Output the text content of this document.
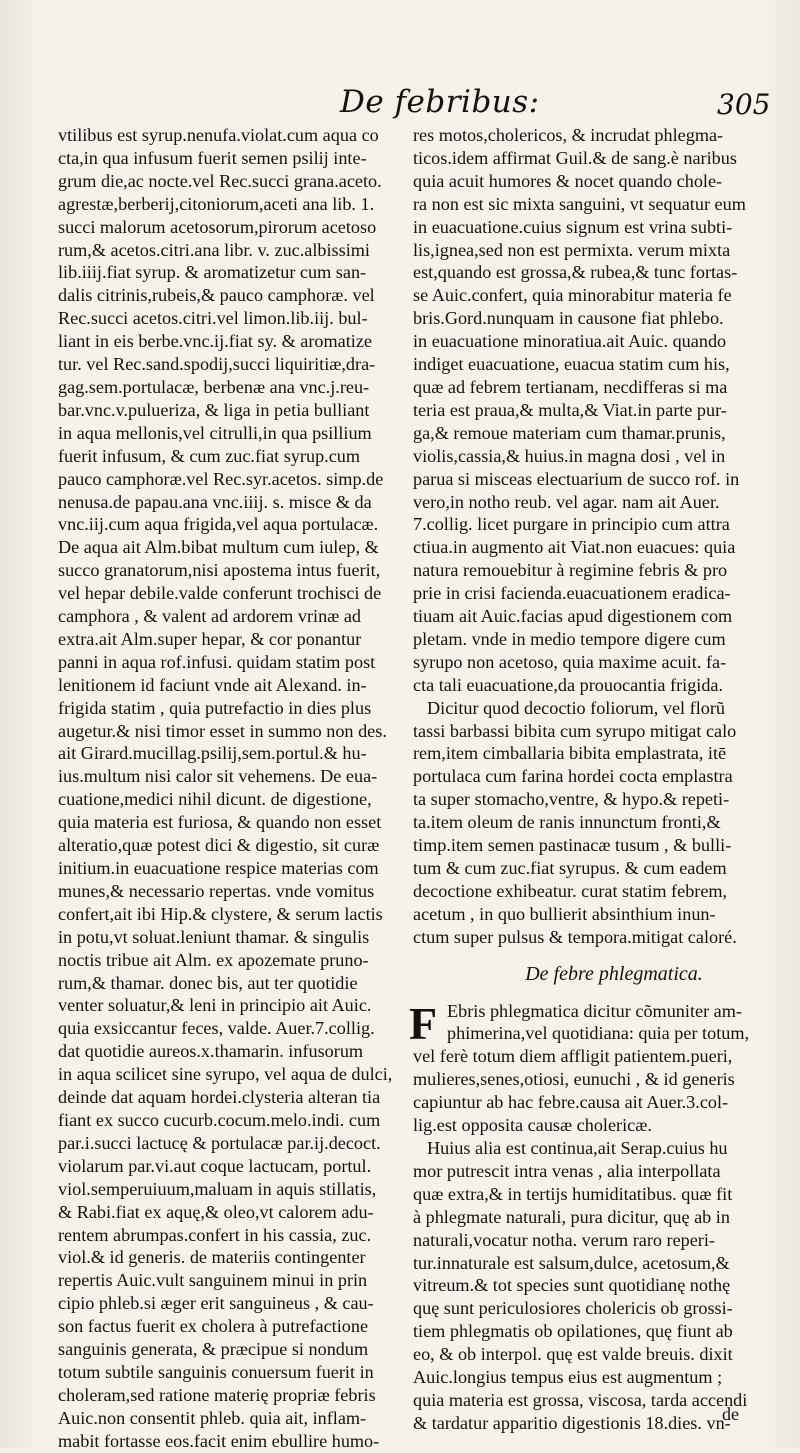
De febribus:	305
vtilibus est syrup.nenufa.violat.cum aqua co
cta,in qua infusum fuerit semen psilij inte-
grum die,ac nocte.vel Rec.succi grana.aceto.
agrestæ,berberij,citoniorum,aceti ana lib. 1.
succi malorum acetosorum,pirorum acetoso
rum,& acetos.citri.ana libr. v. zuc.albissimi
lib.iiij.fiat syrup. & aromatizetur cum san-
dalis citrinis,rubeis,& pauco camphoræ. vel
Rec.succi acetos.citri.vel limon.lib.iij. bul-
liant in eis berbe.vnc.ij.fiat sy. & aromatize
tur. vel Rec.sand.spodij,succi liquiritiæ,dra-
gag.sem.portulacæ, berbenæ ana vnc.j.reu-
bar.vnc.v.pulueriza, & liga in petia bulliant
in aqua mellonis,vel citrulli,in qua psillium
fuerit infusum, & cum zuc.fiat syrup.cum
pauco camphoræ.vel Rec.syr.acetos. simp.de
nenusa.de papau.ana vnc.iiij. s. misce & da
vnc.iij.cum aqua frigida,vel aqua portulacæ.
De aqua ait Alm.bibat multum cum iulep, &
succo granatorum,nisi apostema intus fuerit,
vel hepar debile.valde conferunt trochisci de
camphora , & valent ad ardorem vrinæ ad
extra.ait Alm.super hepar, & cor ponantur
panni in aqua rof.infusi. quidam statim post
lenitionem id faciunt vnde ait Alexand. in-
frigida statim , quia putrefactio in dies plus
augetur.& nisi timor esset in summo non des.
ait Girard.mucillag.psilij,sem.portul.& hu-
ius.multum nisi calor sit vehemens. De eua-
cuatione,medici nihil dicunt. de digestione,
quia materia est furiosa, & quando non esset
alteratio,quæ potest dici & digestio, sit curæ
initium.in euacuatione respice materias com
munes,& necessario repertas. vnde vomitus
confert,ait ibi Hip.& clystere, & serum lactis
in potu,vt soluat.leniunt thamar. & singulis
noctis tribue ait Alm. ex apozemate pruno-
rum,& thamar. donec bis, aut ter quotidie
venter soluatur,& leni in principio ait Auic.
quia exsiccantur feces, valde. Auer.7.collig.
dat quotidie aureos.x.thamarin. infusorum
in aqua scilicet sine syrupo, vel aqua de dulci,
deinde dat aquam hordei.clysteria alteran tia
fiant ex succo cucurb.cocum.melo.indi. cum
par.i.succi lactucę & portulacæ par.ij.decoct.
violarum par.vi.aut coque lactucam, portul.
viol.semperuiuum,maluam in aquis stillatis,
& Rabi.fiat ex aquę,& oleo,vt calorem adu-
rentem abrumpas.confert in his cassia, zuc.
viol.& id generis. de materiis contingenter
repertis Auic.vult sanguinem minui in prin
cipio phleb.si æger erit sanguineus , & cau-
son factus fuerit ex cholera à putrefactione
sanguinis generata, & præcipue si nondum
totum subtile sanguinis conuersum fuerit in
choleram,sed ratione materię propriæ febris
Auic.non consentit phleb. quia ait, inflam-
mabit fortasse eos.facit enim ebullire humo-
res motos,cholericos, & incrudat phlegma-
ticos.idem affirmat Guil.& de sang.è naribus
quia acuit humores & nocet quando chole-
ra non est sic mixta sanguini, vt sequatur eum
in euacuatione.cuius signum est vrina subti-
lis,ignea,sed non est permixta. verum mixta
est,quando est grossa,& rubea,& tunc fortas-
se Auic.confert, quia minorabitur materia fe
bris.Gord.nunquam in causone fiat phlebo.
in euacuatione minoratiua.ait Auic. quando
indiget euacuatione, euacua statim cum his,
quæ ad febrem tertianam, necdifferas si ma
teria est praua,& multa,& Viat.in parte pur-
ga,& remoue materiam cum thamar.prunis,
violis,cassia,& huius.in magna dosi , vel in
parua si misceas electuarium de succo rof. in
vero,in notho reub. vel agar. nam ait Auer.
7.collig. licet purgare in principio cum attra
ctiua.in augmento ait Viat.non euacues: quia
natura remouebitur à regimine febris & pro
prie in crisi facienda.euacuationem eradica-
tiuam ait Auic.facias apud digestionem com
pletam. vnde in medio tempore digere cum
syrupo non acetoso, quia maxime acuit. fa-
cta tali euacuatione,da prouocantia frigida.
Dicitur quod decoctio foliorum, vel florũ
tassi barbassi bibita cum syrupo mitigat calo
rem,item cimballaria bibita emplastrata, itē
portulaca cum farina hordei cocta emplastra
ta super stomacho,ventre, & hypo.& repeti-
ta.item oleum de ranis innunctum fronti,&
timp.item semen pastinacæ tusum , & bulli-
tum & cum zuc.fiat syrupus. & cum eadem
decoctione exhibeatur. curat statim febrem,
acetum , in quo bullierit absinthium inun-
ctum super pulsus & tempora.mitigat caloré.
De febre phlegmatica.
F Ebris phlegmatica dicitur cõmuniter am-
phimerina,vel quotidiana: quia per totum,
vel ferè totum diem affligit patientem.pueri,
mulieres,senes,otiosi, eunuchi , & id generis
capiuntur ab hac febre.causa ait Auer.3.col-
lig.est opposita causæ cholericæ.
Huius alia est continua,ait Serap.cuius hu
mor putrescit intra venas , alia interpollata
quæ extra,& in tertijs humiditatibus. quæ fit
à phlegmate naturali, pura dicitur, quę ab in
naturali,vocatur notha. verum raro reperi-
tur.innaturale est salsum,dulce, acetosum,&
vitreum.& tot species sunt quotidianę nothę
quę sunt periculosiores cholericis ob grossi-
tiem phlegmatis ob opilationes, quę fiunt ab
eo, & ob interpol. quę est valde breuis. dixit
Auic.longius tempus eius est augmentum ;
quia materia est grossa, viscosa, tarda accendi
& tardatur apparitio digestionis 18.dies. vn-
de
